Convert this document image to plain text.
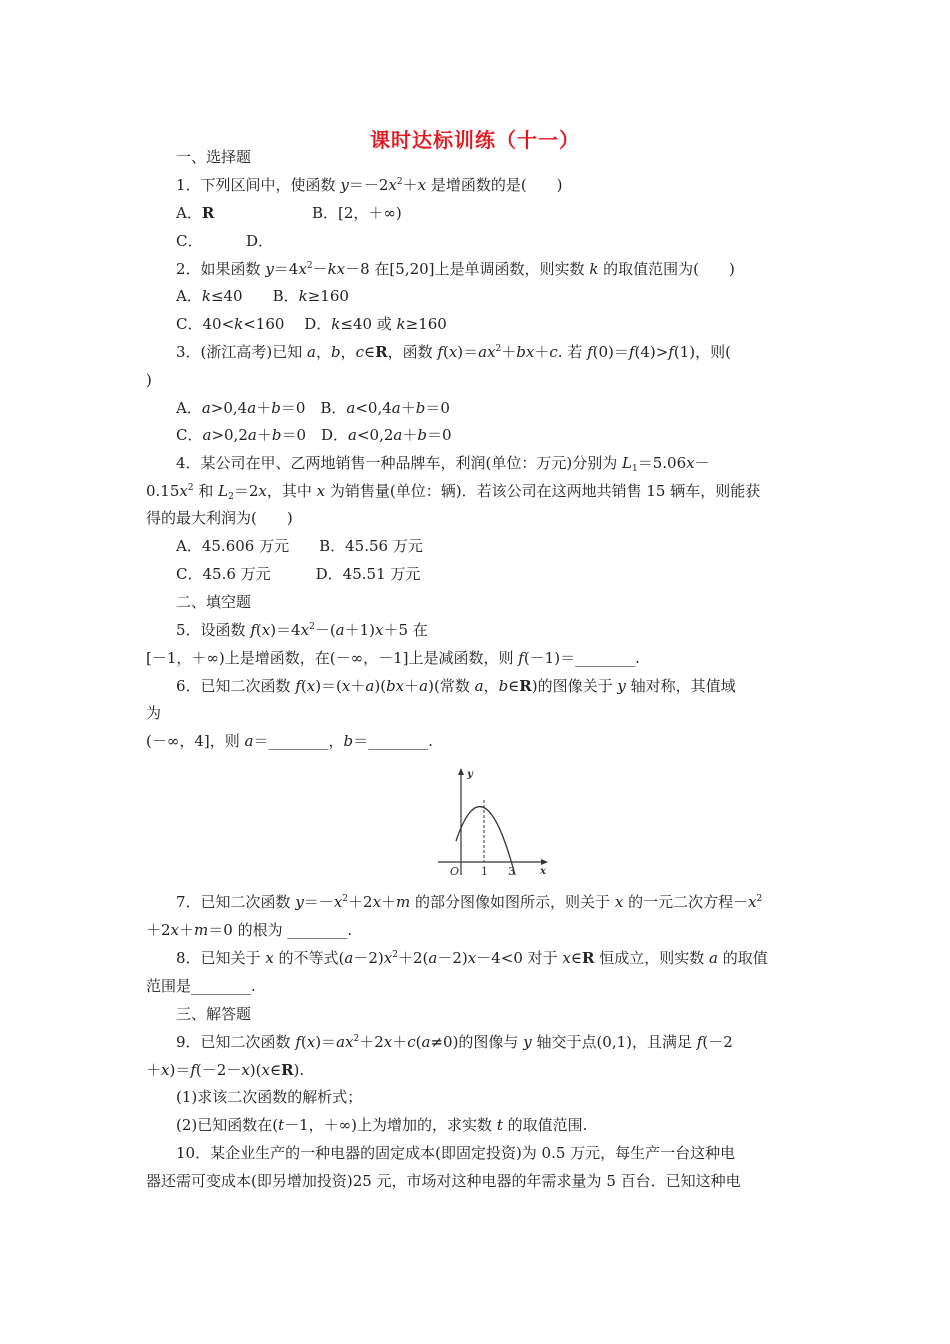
课时达标训练（十一）
一、选择题
1．下列区间中，使函数 $y=-2x^2+x$ 是增函数的是(　　)
A．R	B．[2，＋∞)
C．	D．
2．如果函数 $y=4x^2-kx-8$ 在[5,20]上是单调函数，则实数 k 的取值范围为(　　)
A．k≤40　　B．k≥160
C．40<k<160　 D．k≤40 或 k≥160
3．(浙江高考)已知 a，b，c∈R，函数 $f(x)=ax^2+bx+c$. 若 f(0)＝f(4)>f(1)，则(
)
A．a>0,4a＋b＝0　B．a<0,4a＋b＝0
C．a>0,2a＋b＝0　D．a<0,2a＋b＝0
4．某公司在甲、乙两地销售一种品牌车，利润(单位：万元)分别为 $L_1=5.06x-$
$0.15x^2$ 和 $L_2=2x$，其中 x 为销售量(单位：辆)．若该公司在这两地共销售 15 辆车，则能获
得的最大利润为(　　)
A．45.606 万元　　B．45.56 万元
C．45.6 万元　　　D．45.51 万元
二、填空题
5．设函数 $f(x)=4x^2-(a+1)x+5$ 在
[－1，＋∞)上是增函数，在(－∞，－1]上是减函数，则 f(－1)＝________.
6．已知二次函数 f(x)＝(x＋a)(bx＋a)(常数 a，b∈R)的图像关于 y 轴对称，其值域
为
(－∞，4]，则 a＝________，b＝________.
7．已知二次函数 $y=-x^2+2x+m$ 的部分图像如图所示，则关于 x 的一元二次方程$-x^2$
＋2x＋m＝0 的根为 ________.
8．已知关于 x 的不等式$(a-2)x^2+2(a-2)x-4<0$ 对于 x∈R 恒成立，则实数 a 的取值
范围是________.
三、解答题
9．已知二次函数 $f(x)=ax^2+2x+c(a\ne 0)$的图像与 y 轴交于点(0,1)，且满足 f(－2
＋x)＝f(－2－x)(x∈R).
(1)求该二次函数的解析式；
(2)已知函数在(t－1，＋∞)上为增加的，求实数 t 的取值范围.
10．某企业生产的一种电器的固定成本(即固定投资)为 0.5 万元，每生产一台这种电
器还需可变成本(即另增加投资)25 元，市场对这种电器的年需求量为 5 百台．已知这种电
y
x
O 1 3
